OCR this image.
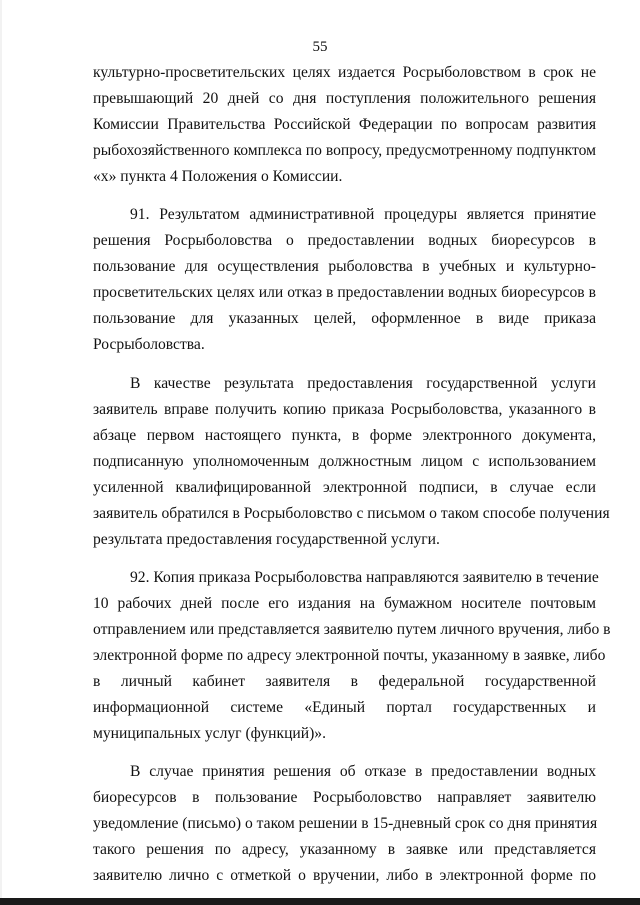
55

культурно-просветительских целях издается Росрыболовством в срок не
превышающий 20 дней со дня поступления положительного решения
Комиссии Правительства Российской Федерации по вопросам развития
рыбохозяйственного комплекса по вопросу, предусмотренному подпунктом
«х» пункта 4 Положения о Комиссии.

91. Результатом административной процедуры является принятие
решения Росрыболовства о предоставлении водных биоресурсов в
пользование для осуществления рыболовства в учебных и культурно-
просветительских целях или отказ в предоставлении водных биоресурсов в
пользование для указанных целей, оформленное в виде приказа
Росрыболовства.

В качестве результата предоставления государственной услуги
заявитель вправе получить копию приказа Росрыболовства, указанного в
абзаце первом настоящего пункта, в форме электронного документа,
подписанную уполномоченным должностным лицом с использованием
усиленной квалифицированной электронной подписи, в случае если
заявитель обратился в Росрыболовство с письмом о таком способе получения
результата предоставления государственной услуги.

92. Копия приказа Росрыболовства направляются заявителю в течение
10 рабочих дней после его издания на бумажном носителе почтовым
отправлением или представляется заявителю путем личного вручения, либо в
электронной форме по адресу электронной почты, указанному в заявке, либо
в личный кабинет заявителя в федеральной государственной
информационной системе «Единый портал государственных и
муниципальных услуг (функций)».

В случае принятия решения об отказе в предоставлении водных
биоресурсов в пользование Росрыболовство направляет заявителю
уведомление (письмо) о таком решении в 15-дневный срок со дня принятия
такого решения по адресу, указанному в заявке или представляется
заявителю лично с отметкой о вручении, либо в электронной форме по
